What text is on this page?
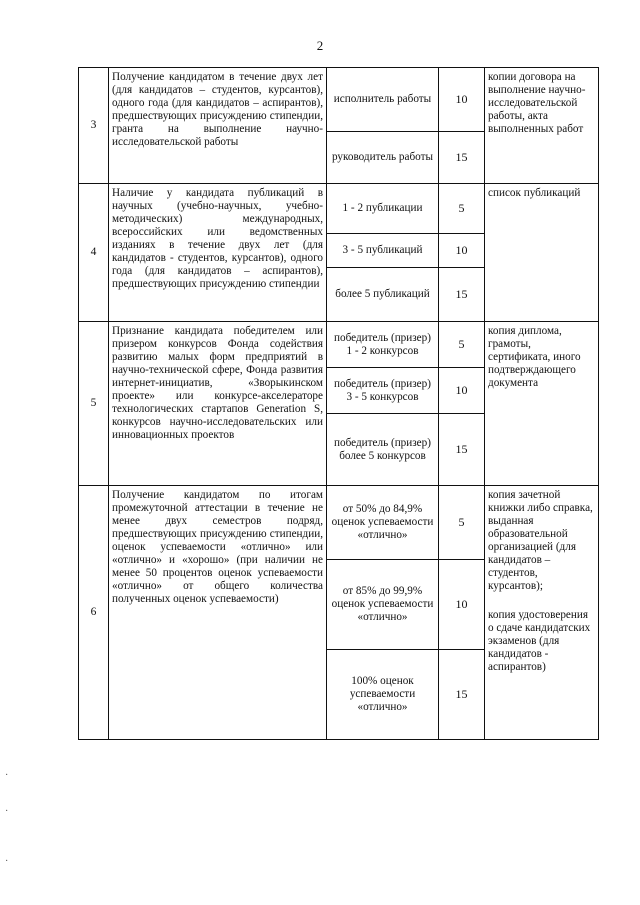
2
3	Получение кандидатом в течение двух лет (для кандидатов – студентов, курсантов), одного года (для кандидатов – аспирантов), предшествующих присуждению стипендии, гранта на выполнение научно-исследовательской работы	исполнитель работы	10	копии договора на выполнение научно-исследовательской работы, акта выполненных работ
		руководитель работы	15	
4	Наличие у кандидата публикаций в научных (учебно-научных, учебно-методических) международных, всероссийских или ведомственных изданиях в течение двух лет (для кандидатов - студентов, курсантов), одного года (для кандидатов – аспирантов), предшествующих присуждению стипендии	1 - 2 публикации	5	список публикаций
		3 - 5 публикаций	10	
		более 5 публикаций	15	
5	Признание кандидата победителем или призером конкурсов Фонда содействия развитию малых форм предприятий в научно-технической сфере, Фонда развития интернет-инициатив, «Зворыкинском проекте» или конкурсе-акселераторе технологических стартапов Generation S, конкурсов научно-исследовательских или инновационных проектов	победитель (призер) 1 - 2 конкурсов	5	копия диплома, грамоты, сертификата, иного подтверждающего документа
		победитель (призер) 3 - 5 конкурсов	10	
		победитель (призер) более 5 конкурсов	15	
6	Получение кандидатом по итогам промежуточной аттестации в течение не менее двух семестров подряд, предшествующих присуждению стипендии, оценок успеваемости «отлично» или «отлично» и «хорошо» (при наличии не менее 50 процентов оценок успеваемости «отлично» от общего количества полученных оценок успеваемости)	от 50% до 84,9% оценок успеваемости «отлично»	5	копия зачетной книжки либо справка, выданная образовательной организацией (для кандидатов – студентов, курсантов);
копия удостоверения о сдаче кандидатских экзаменов (для кандидатов - аспирантов)

		от 85% до 99,9% оценок успеваемости «отлично»	10	
		100% оценок успеваемости «отлично»	15	
·
·
·
